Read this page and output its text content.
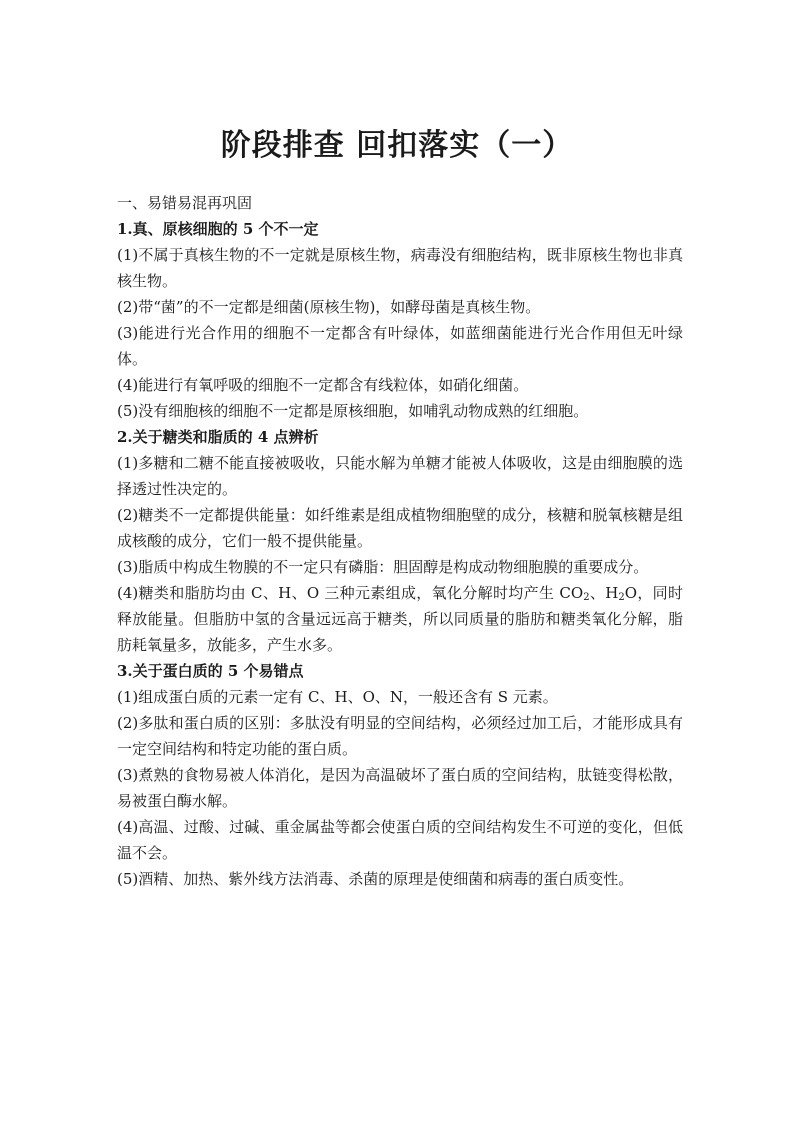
阶段排查 回扣落实（一）

一、易错易混再巩固

1.真、原核细胞的 5 个不一定

(1)不属于真核生物的不一定就是原核生物，病毒没有细胞结构，既非原核生物也非真核生物。

(2)带“菌”的不一定都是细菌(原核生物)，如酵母菌是真核生物。

(3)能进行光合作用的细胞不一定都含有叶绿体，如蓝细菌能进行光合作用但无叶绿体。

(4)能进行有氧呼吸的细胞不一定都含有线粒体，如硝化细菌。

(5)没有细胞核的细胞不一定都是原核细胞，如哺乳动物成熟的红细胞。

2.关于糖类和脂质的 4 点辨析

(1)多糖和二糖不能直接被吸收，只能水解为单糖才能被人体吸收，这是由细胞膜的选择透过性决定的。

(2)糖类不一定都提供能量：如纤维素是组成植物细胞壁的成分，核糖和脱氧核糖是组成核酸的成分，它们一般不提供能量。

(3)脂质中构成生物膜的不一定只有磷脂：胆固醇是构成动物细胞膜的重要成分。

(4)糖类和脂肪均由 C、H、O 三种元素组成，氧化分解时均产生 $CO_2$、$H_2O$，同时释放能量。但脂肪中氢的含量远远高于糖类，所以同质量的脂肪和糖类氧化分解，脂肪耗氧量多，放能多，产生水多。

3.关于蛋白质的 5 个易错点

(1)组成蛋白质的元素一定有 C、H、O、N，一般还含有 S 元素。

(2)多肽和蛋白质的区别：多肽没有明显的空间结构，必须经过加工后，才能形成具有一定空间结构和特定功能的蛋白质。

(3)煮熟的食物易被人体消化，是因为高温破坏了蛋白质的空间结构，肽链变得松散，易被蛋白酶水解。

(4)高温、过酸、过碱、重金属盐等都会使蛋白质的空间结构发生不可逆的变化，但低温不会。

(5)酒精、加热、紫外线方法消毒、杀菌的原理是使细菌和病毒的蛋白质变性。
